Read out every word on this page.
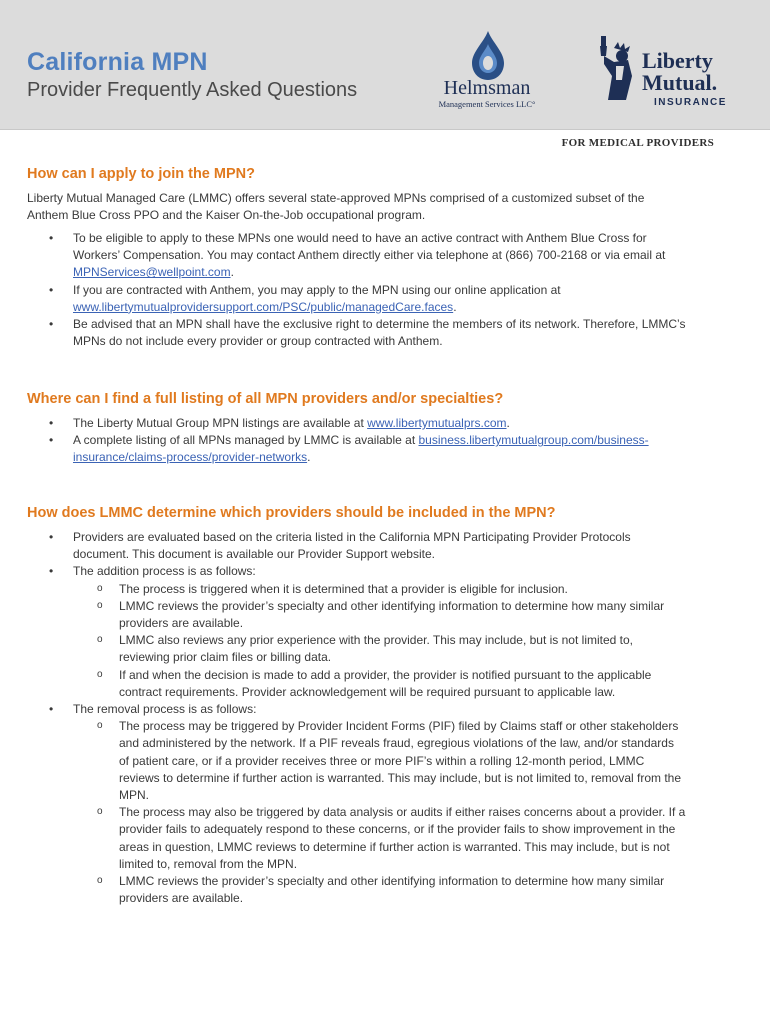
California MPN
Provider Frequently Asked Questions	Helmsman
Management Services LLC°
Liberty
Mutual.
INSURANCE
FOR MEDICAL PROVIDERS
How can I apply to join the MPN?
Liberty Mutual Managed Care (LMMC) offers several state-approved MPNs comprised of a customized subset of the Anthem Blue Cross PPO and the Kaiser On-the-Job occupational program.
• To be eligible to apply to these MPNs one would need to have an active contract with Anthem Blue Cross for Workers’ Compensation. You may contact Anthem directly either via telephone at (866) 700-2168 or via email at MPNServices@wellpoint.com.
• If you are contracted with Anthem, you may apply to the MPN using our online application at www.libertymutualprovidersupport.com/PSC/public/managedCare.faces.
• Be advised that an MPN shall have the exclusive right to determine the members of its network. Therefore, LMMC’s MPNs do not include every provider or group contracted with Anthem.
Where can I find a full listing of all MPN providers and/or specialties?
• The Liberty Mutual Group MPN listings are available at www.libertymutualprs.com.
• A complete listing of all MPNs managed by LMMC is available at business.libertymutualgroup.com/business-insurance/claims-process/provider-networks.
How does LMMC determine which providers should be included in the MPN?
• Providers are evaluated based on the criteria listed in the California MPN Participating Provider Protocols document. This document is available our Provider Support website.
• The addition process is as follows:
o The process is triggered when it is determined that a provider is eligible for inclusion.
o LMMC reviews the provider’s specialty and other identifying information to determine how many similar providers are available.
o LMMC also reviews any prior experience with the provider. This may include, but is not limited to, reviewing prior claim files or billing data.
o If and when the decision is made to add a provider, the provider is notified pursuant to the applicable contract requirements. Provider acknowledgement will be required pursuant to applicable law.
• The removal process is as follows:
o The process may be triggered by Provider Incident Forms (PIF) filed by Claims staff or other stakeholders and administered by the network. If a PIF reveals fraud, egregious violations of the law, and/or standards of patient care, or if a provider receives three or more PIF’s within a rolling 12-month period, LMMC reviews to determine if further action is warranted. This may include, but is not limited to, removal from the MPN.
o The process may also be triggered by data analysis or audits if either raises concerns about a provider. If a provider fails to adequately respond to these concerns, or if the provider fails to show improvement in the areas in question, LMMC reviews to determine if further action is warranted. This may include, but is not limited to, removal from the MPN.
o LMMC reviews the provider’s specialty and other identifying information to determine how many similar providers are available.
